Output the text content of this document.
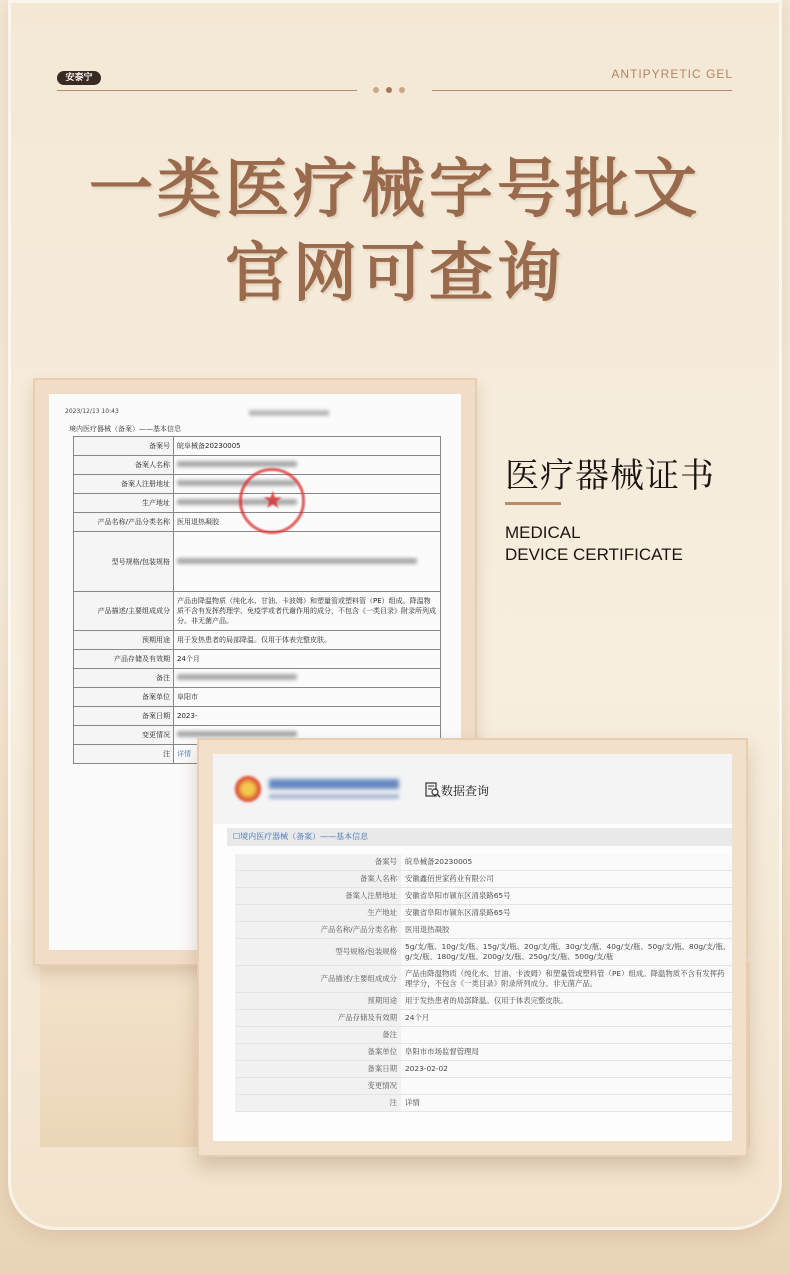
安泰宁	ANTIPYRETIC GEL
一类医疗械字号批文
官网可查询
2023/12/13 10:43
境内医疗器械（备案）——基本信息
备案号	皖阜械备20230005
备案人名称	
备案人注册地址	
生产地址	
产品名称/产品分类名称	医用退热凝胶
型号规格/包装规格	
产品描述/主要组成成分	产品由降温物质（纯化水、甘油、卡波姆）和塑量管或塑料管（PE）组成。降温物质不含有发挥药理学、免疫学或者代谢作用的成分，不包含《一类目录》附录所列成分。非无菌产品。
预期用途	用于发热患者的局部降温。仅用于体表完整皮肤。
产品存储及有效期	24个月
备注	
备案单位	阜阳市
备案日期	2023-
变更情况	
注	详情
★
医疗器械证书
MEDICAL
DEVICE CERTIFICATE
数据查询
☐境内医疗器械（备案）——基本信息
备案号	皖阜械备20230005
备案人名称	安徽鑫佰世家药业有限公司
备案人注册地址	安徽省阜阳市颍东区清泉路65号
生产地址	安徽省阜阳市颍东区清泉路65号
产品名称/产品分类名称	医用退热凝胶
型号规格/包装规格	5g/支/瓶、10g/支/瓶、15g/支/瓶、20g/支/瓶、30g/支/瓶、40g/支/瓶、50g/支/瓶、80g/支/瓶、g/支/瓶、180g/支/瓶、200g/支/瓶、250g/支/瓶、500g/支/瓶
产品描述/主要组成成分	产品由降温物质（纯化水、甘油、卡波姆）和塑量管或塑料管（PE）组成。降温物质不含有发挥药理学分，不包含《一类目录》附录所列成分。非无菌产品。
预期用途	用于发热患者的局部降温。仅用于体表完整皮肤。
产品存储及有效期	24个月
备注	
备案单位	阜阳市市场监督管理局
备案日期	2023-02-02
变更情况	
注	详情
